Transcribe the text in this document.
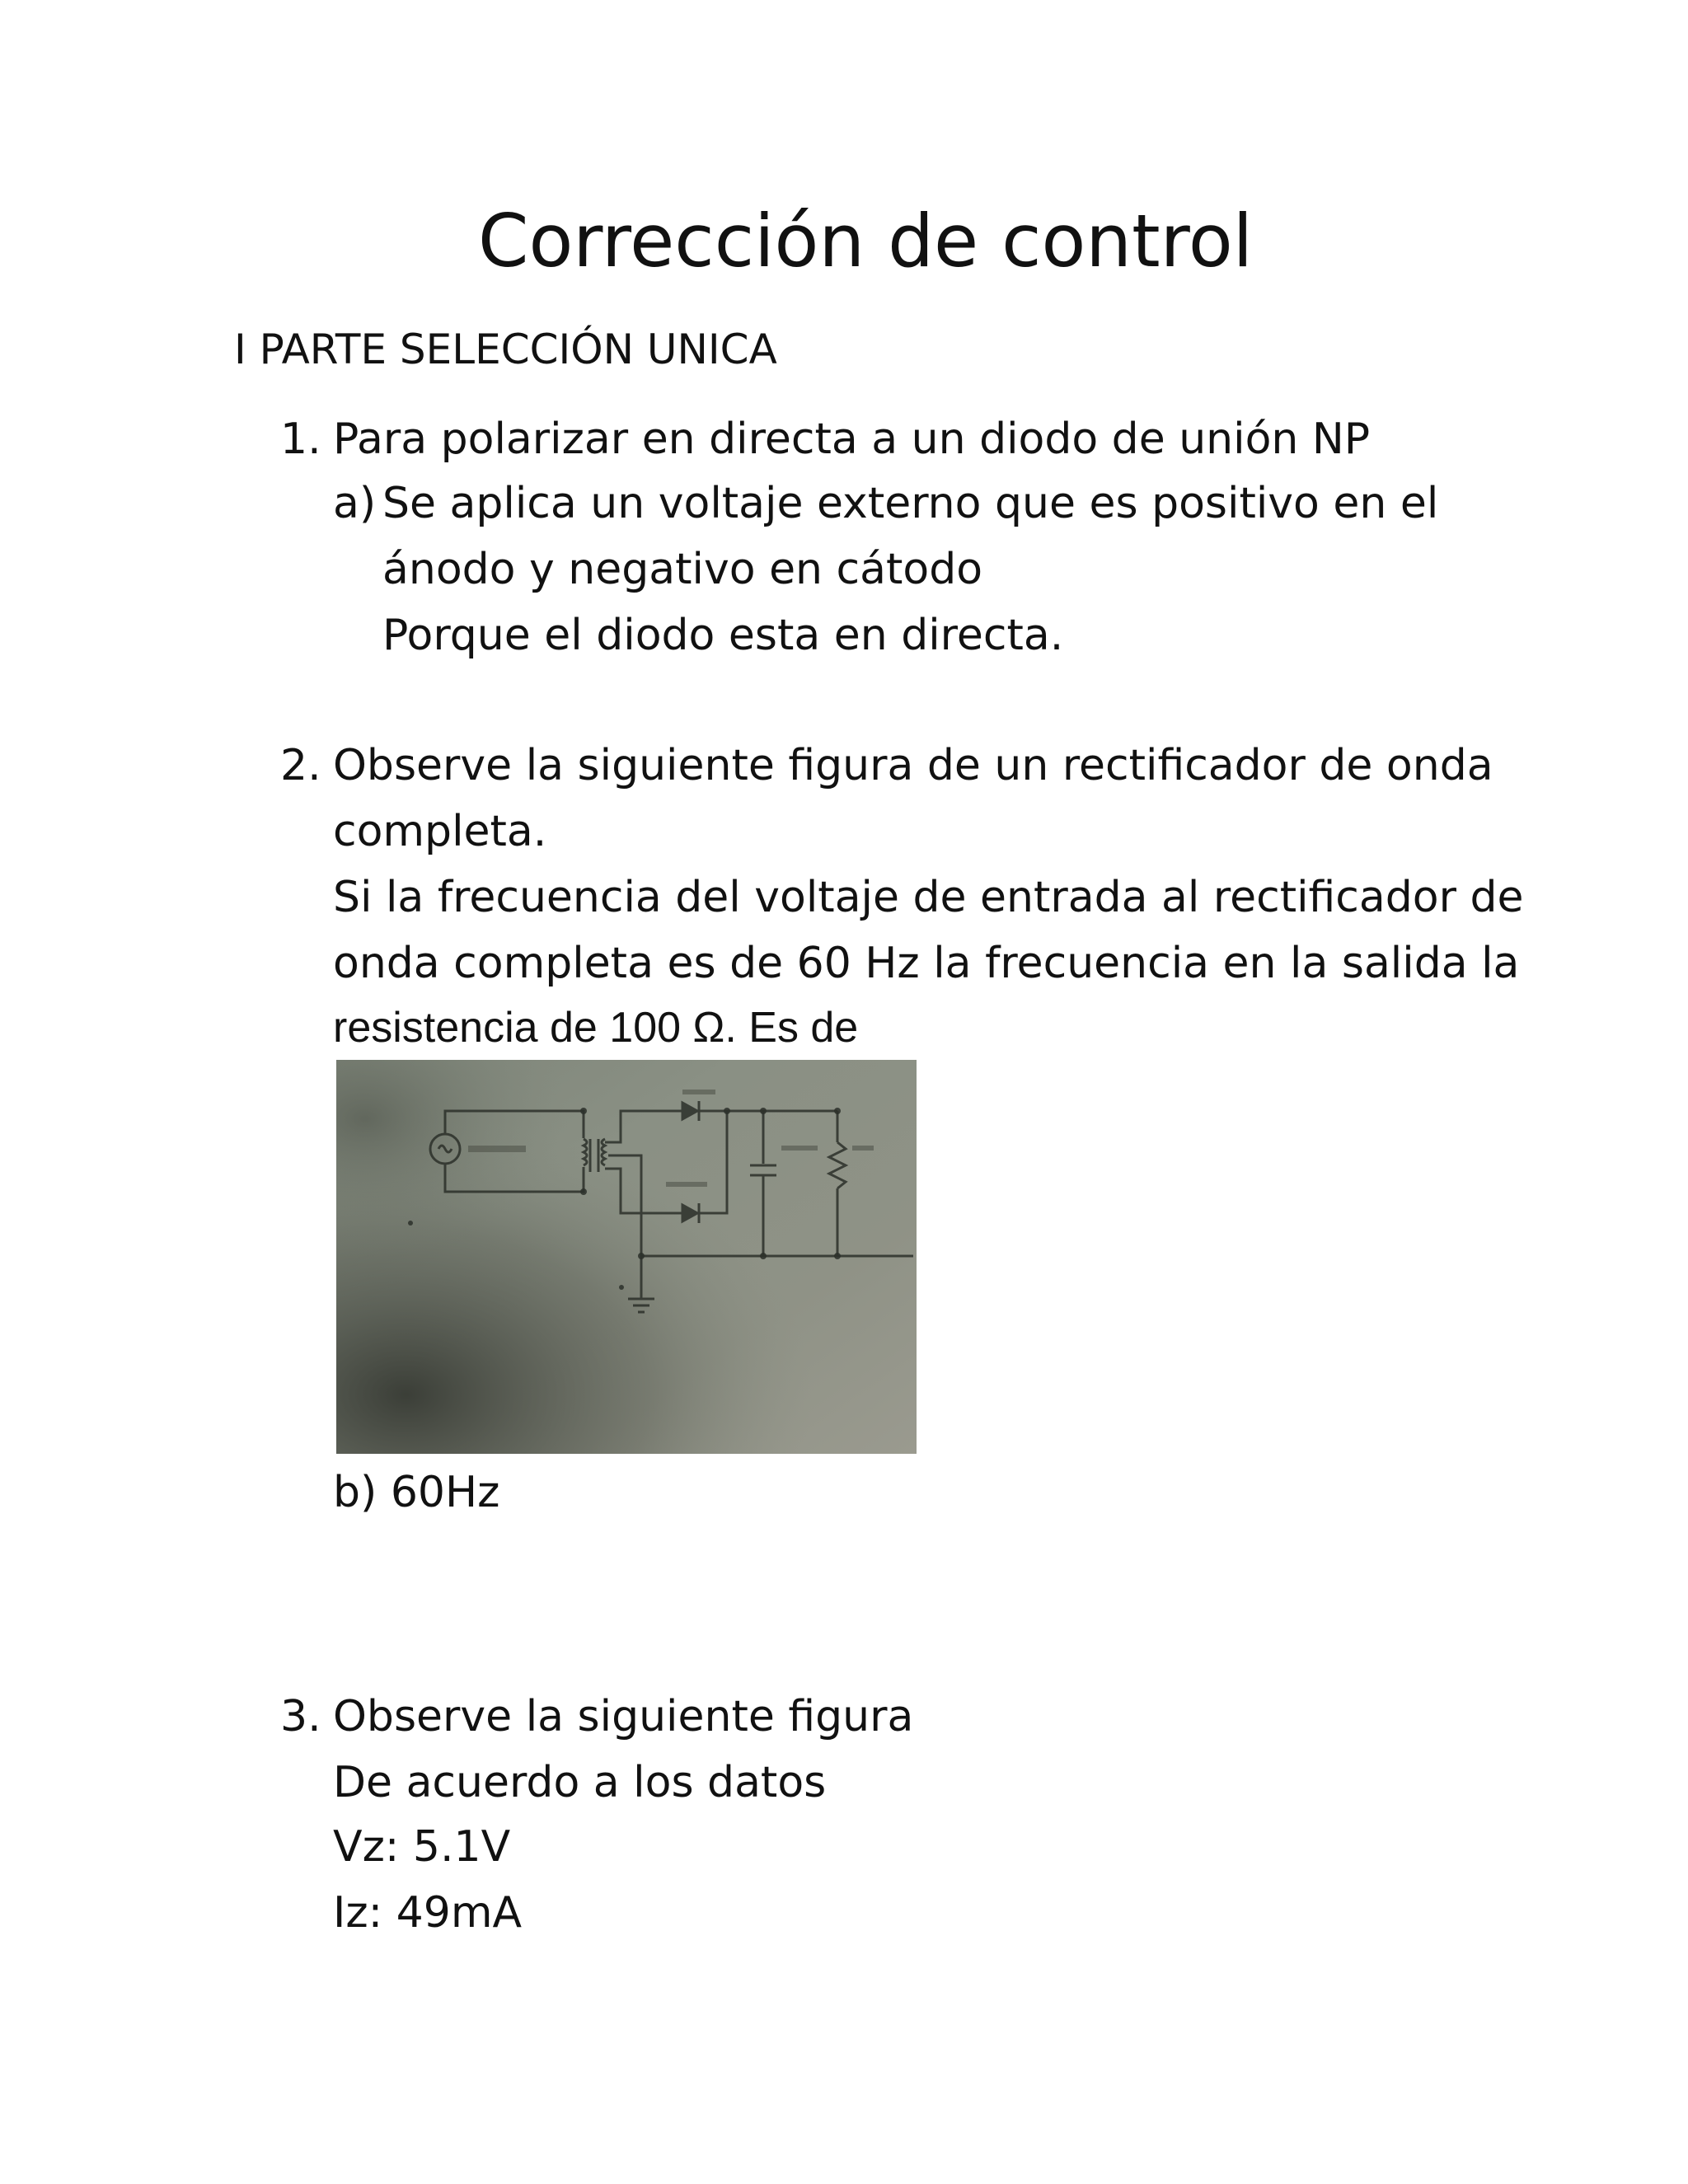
Corrección de control
I PARTE SELECCIÓN UNICA
1. Para polarizar en directa a un diodo de unión NP
a) Se aplica un voltaje externo que es positivo en el
ánodo y negativo en cátodo
Porque el diodo esta en directa.
2. Observe la siguiente figura de un rectificador de onda
completa.
Si la frecuencia del voltaje de entrada al rectificador de
onda completa es de 60 Hz la frecuencia en la salida la
resistencia de 100 Ω. Es de
b) 60Hz
3. Observe la siguiente figura
De acuerdo a los datos
Vz: 5.1V
Iz: 49mA
